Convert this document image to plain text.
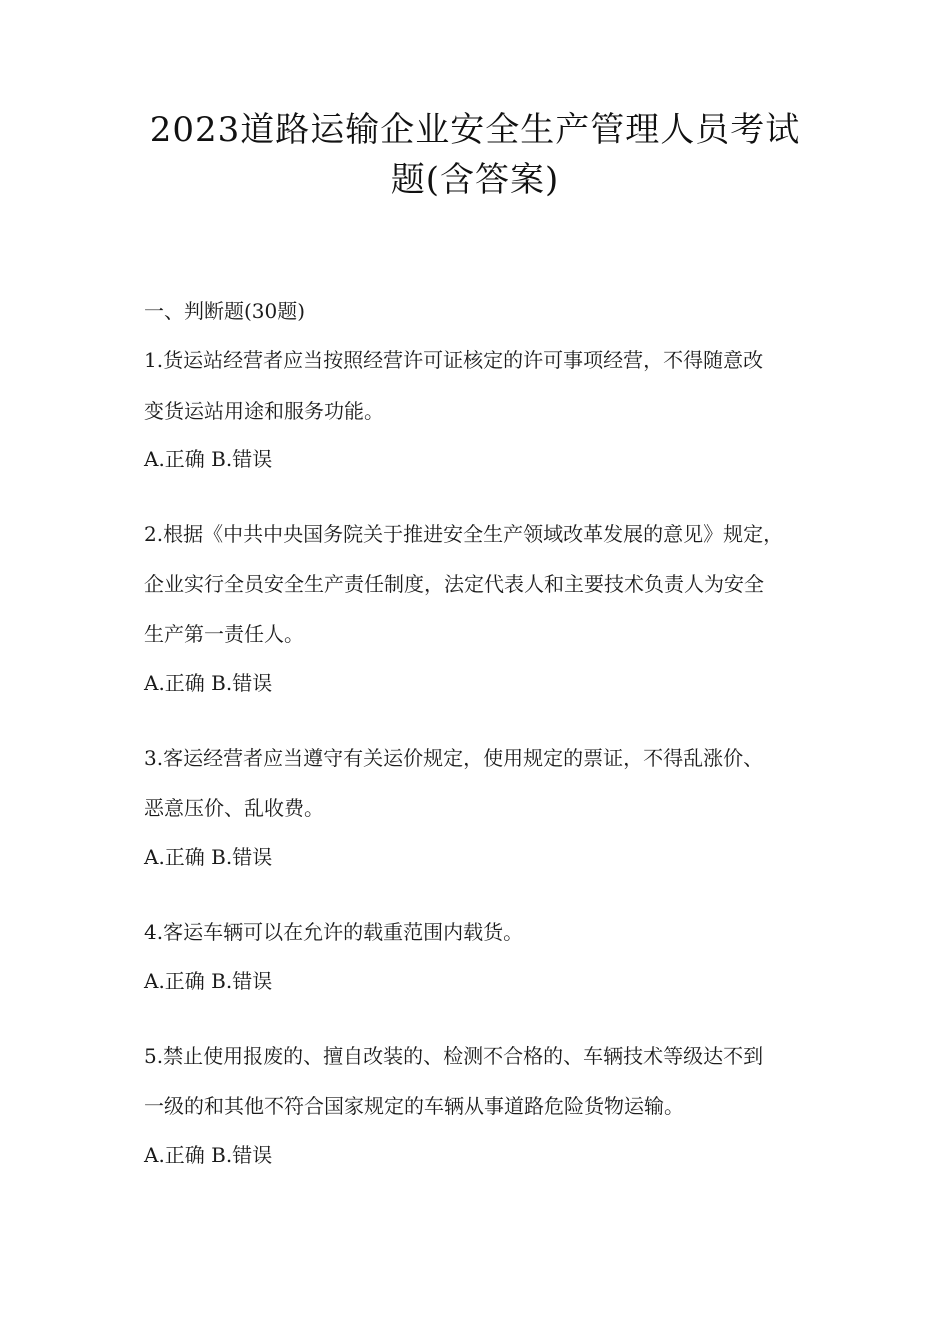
2023道路运输企业安全生产管理人员考试
题(含答案)
一、判断题(30题)
1.货运站经营者应当按照经营许可证核定的许可事项经营，不得随意改
变货运站用途和服务功能。
A.正确 B.错误
2.根据《中共中央国务院关于推进安全生产领域改革发展的意见》规定，
企业实行全员安全生产责任制度，法定代表人和主要技术负责人为安全
生产第一责任人。
A.正确 B.错误
3.客运经营者应当遵守有关运价规定，使用规定的票证，不得乱涨价、
恶意压价、乱收费。
A.正确 B.错误
4.客运车辆可以在允许的载重范围内载货。
A.正确 B.错误
5.禁止使用报废的、擅自改装的、检测不合格的、车辆技术等级达不到
一级的和其他不符合国家规定的车辆从事道路危险货物运输。
A.正确 B.错误
